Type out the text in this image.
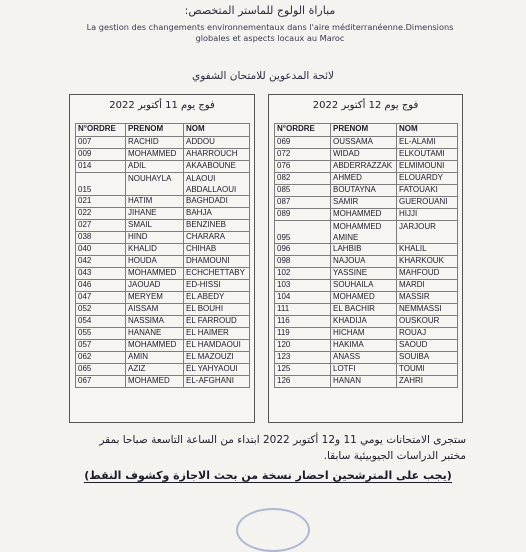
مباراة الولوج للماستر المتخصص:
La gestion des changements environnementaux dans l'aire méditerranéenne.Dimensions
globales et aspects locaux au Maroc
لائحة المدعوين للامتحان الشفوي
فوج يوم 11 أكتوبر 2022
N°ORDRE	PRENOM	NOM
007	RACHID	ADDOU
009	MOHAMMED	AHARROUCH
014	ADIL	AKAABOUNE
015	NOUHAYLA	ALAOUI ABDALLAOUI
021	HATIM	BAGHDADI
022	JIHANE	BAHJA
027	SMAIL	BENZINEB
038	HIND	CHARARA
040	KHALID	CHIHAB
042	HOUDA	DHAMOUNI
043	MOHAMMED	ECHCHETTABY
046	JAOUAD	ED-HISSI
047	MERYEM	EL ABEDY
052	AISSAM	EL BOUHI
054	NASSIMA	EL FARROUD
055	HANANE	EL HAIMER
057	MOHAMMED	EL HAMDAOUI
062	AMIN	EL MAZOUZI
065	AZIZ	EL YAHYAOUI
067	MOHAMED	EL-AFGHANI
فوج يوم 12 أكتوبر 2022
N°ORDRE	PRENOM	NOM
069	OUSSAMA	EL-ALAMI
072	WIDAD	ELKOUTAMI
076	ABDERRAZZAK	ELMIMOUNI
082	AHMED	ELOUARDY
085	BOUTAYNA	FATOUAKI
087	SAMIR	GUEROUANI
089	MOHAMMED	HIJJI
095	MOHAMMED AMINE	JARJOUR
096	LAHBIB	KHALIL
098	NAJOUA	KHARKOUK
102	YASSINE	MAHFOUD
103	SOUHAILA	MARDI
104	MOHAMED	MASSIR
111	EL BACHIR	NEMMASSI
116	KHADIJA	OUSKOUR
119	HICHAM	ROUAJ
120	HAKIMA	SAOUD
123	ANASS	SOUIBA
125	LOTFI	TOUMI
126	HANAN	ZAHRI
ستجرى الامتحانات يومي 11 و12 أكتوبر 2022 ابتداء من الساعة التاسعة صباحا بمقر
مختبر الدراسات الجيوبيئية سابقا.
(يجب على المترشحين احضار نسخة من بحث الاجازة وكشوف النقط)
